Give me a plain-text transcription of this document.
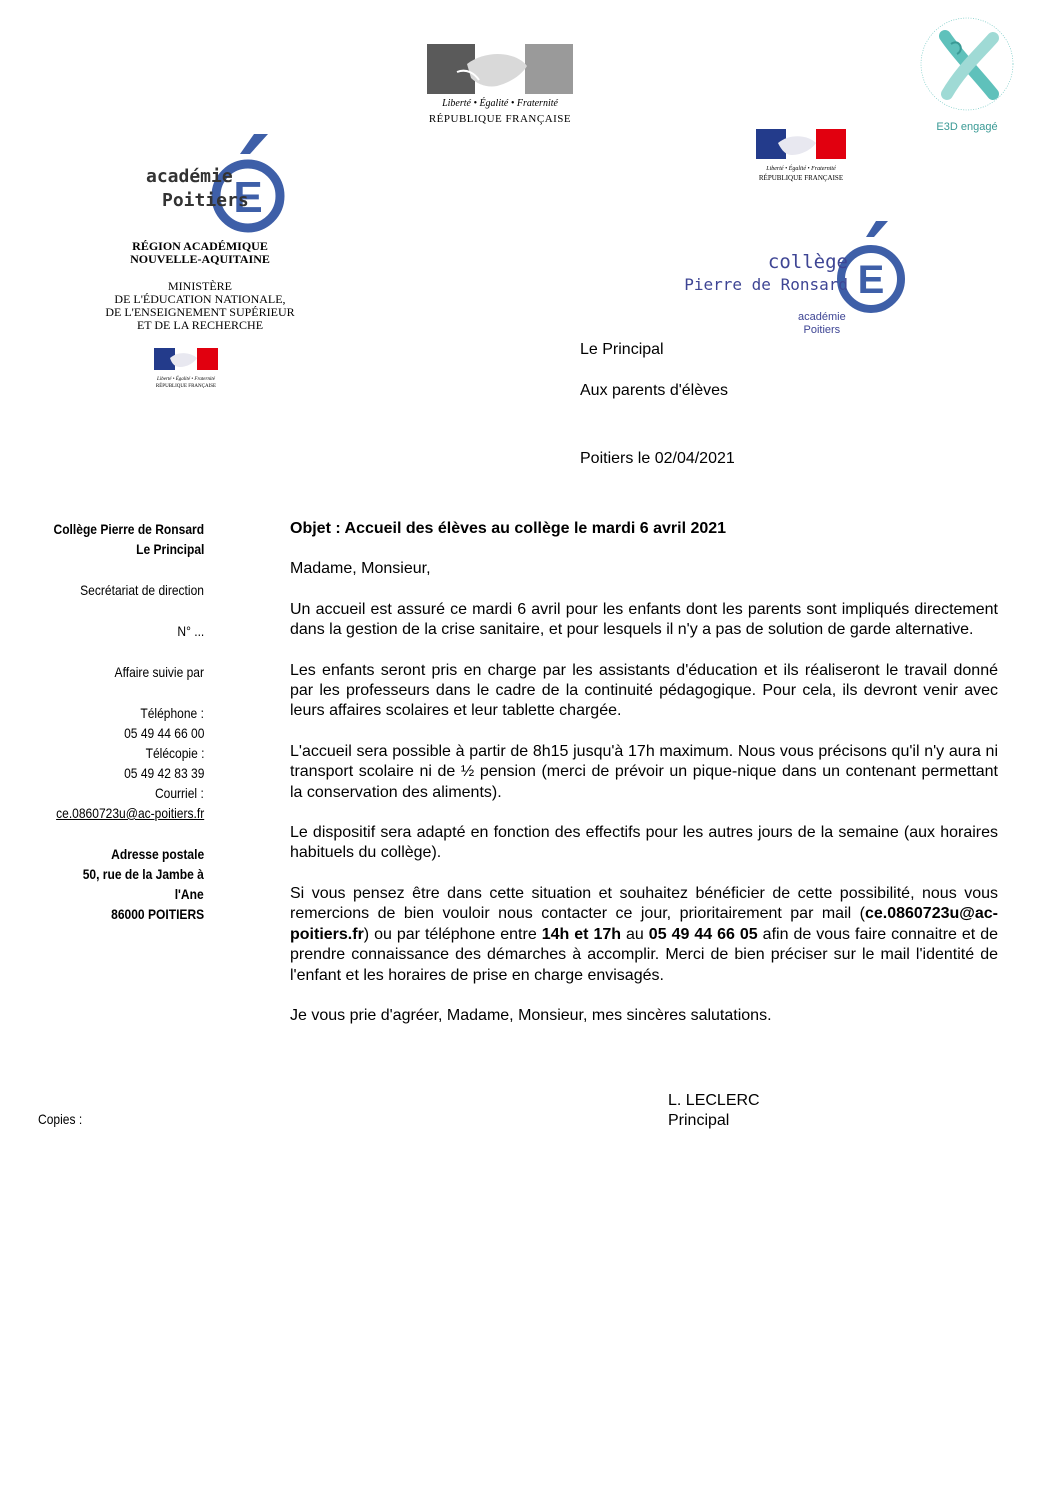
Liberté • Égalité • Fraternité
RÉPUBLIQUE FRANÇAISE
E3D engagé
Liberté • Égalité • Fraternité
RÉPUBLIQUE FRANÇAISE
E
collège
Pierre de Ronsard
académie
Poitiers
E
académie
Poitiers
RÉGION ACADÉMIQUE
NOUVELLE-AQUITAINE
MINISTÈRE
DE L'ÉDUCATION NATIONALE,
DE L'ENSEIGNEMENT SUPÉRIEUR
ET DE LA RECHERCHE
Liberté • Égalité • Fraternité
RÉPUBLIQUE FRANÇAISE
Le Principal
Aux parents d'élèves
Poitiers le 02/04/2021
Collège Pierre de Ronsard
Le Principal
Secrétariat de direction
N° ...
Affaire suivie par
Téléphone :
05 49 44 66 00
Télécopie :
05 49 42 83 39
Courriel :
ce.0860723u@ac-poitiers.fr
Adresse postale
50, rue de la Jambe à
l'Ane
86000 POITIERS

Objet : Accueil des élèves au collège le mardi 6 avril 2021

Madame, Monsieur,

Un accueil est assuré ce mardi 6 avril pour les enfants dont les parents sont impliqués directement dans la gestion de la crise sanitaire, et pour lesquels il n'y a pas de solution de garde alternative.

Les enfants seront pris en charge par les assistants d'éducation et ils réaliseront le travail donné par les professeurs dans le cadre de la continuité pédagogique. Pour cela, ils devront venir avec leurs affaires scolaires et leur tablette chargée.

L'accueil sera possible à partir de 8h15 jusqu'à 17h maximum. Nous vous précisons qu'il n'y aura ni transport scolaire ni de ½ pension (merci de prévoir un pique-nique dans un contenant permettant la conservation des aliments).

Le dispositif sera adapté en fonction des effectifs pour les autres jours de la semaine (aux horaires habituels du collège).

Si vous pensez être dans cette situation et souhaitez bénéficier de cette possibilité, nous vous remercions de bien vouloir nous contacter ce jour, prioritairement par mail (ce.0860723u@ac-poitiers.fr) ou par téléphone entre 14h et 17h au 05 49 44 66 05 afin de vous faire connaitre et de prendre connaissance des démarches à accomplir. Merci de bien préciser sur le mail l'identité de l'enfant et les horaires de prise en charge envisagés.

Je vous prie d'agréer, Madame, Monsieur, mes sincères salutations.

L. LECLERC
Principal
Copies :
